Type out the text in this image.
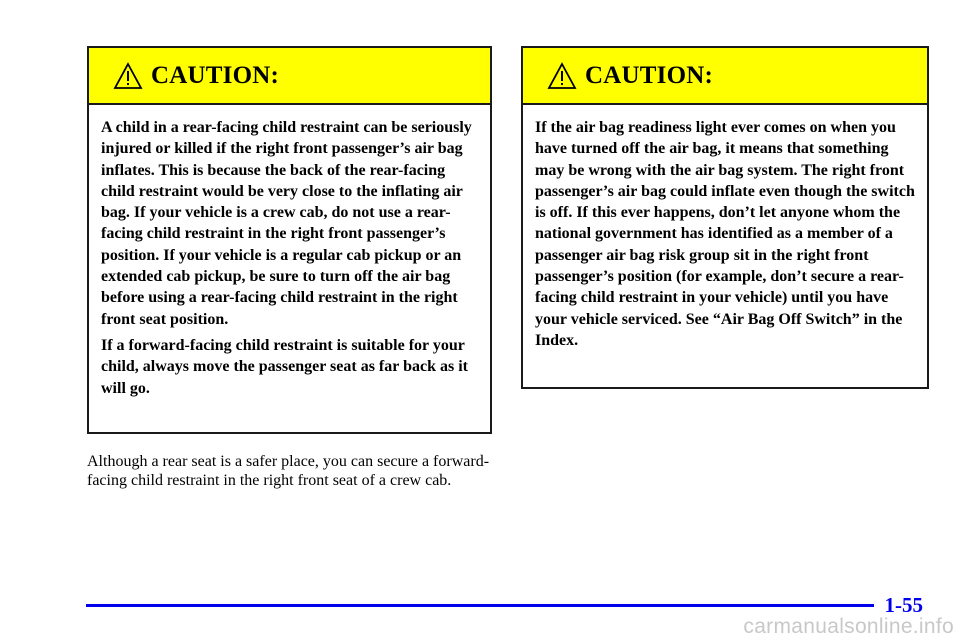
CAUTION:

A child in a rear-facing child restraint can be seriously injured or killed if the right front passenger’s air bag inflates. This is because the back of the rear-facing child restraint would be very close to the inflating air bag. If your vehicle is a crew cab, do not use a rear-facing child restraint in the right front passenger’s position. If your vehicle is a regular cab pickup or an extended cab pickup, be sure to turn off the air bag before using a rear-facing child restraint in the right front seat position.

If a forward-facing child restraint is suitable for your child, always move the passenger seat as far back as it will go.

CAUTION:

If the air bag readiness light ever comes on when you have turned off the air bag, it means that something may be wrong with the air bag system. The right front passenger’s air bag could inflate even though the switch is off. If this ever happens, don’t let anyone whom the national government has identified as a member of a passenger air bag risk group sit in the right front passenger’s position (for example, don’t secure a rear-facing child restraint in your vehicle) until you have your vehicle serviced. See “Air Bag Off Switch” in the Index.

Although a rear seat is a safer place, you can secure a forward-facing child restraint in the right front seat of a crew cab.

1-55
carmanualsonline.info
